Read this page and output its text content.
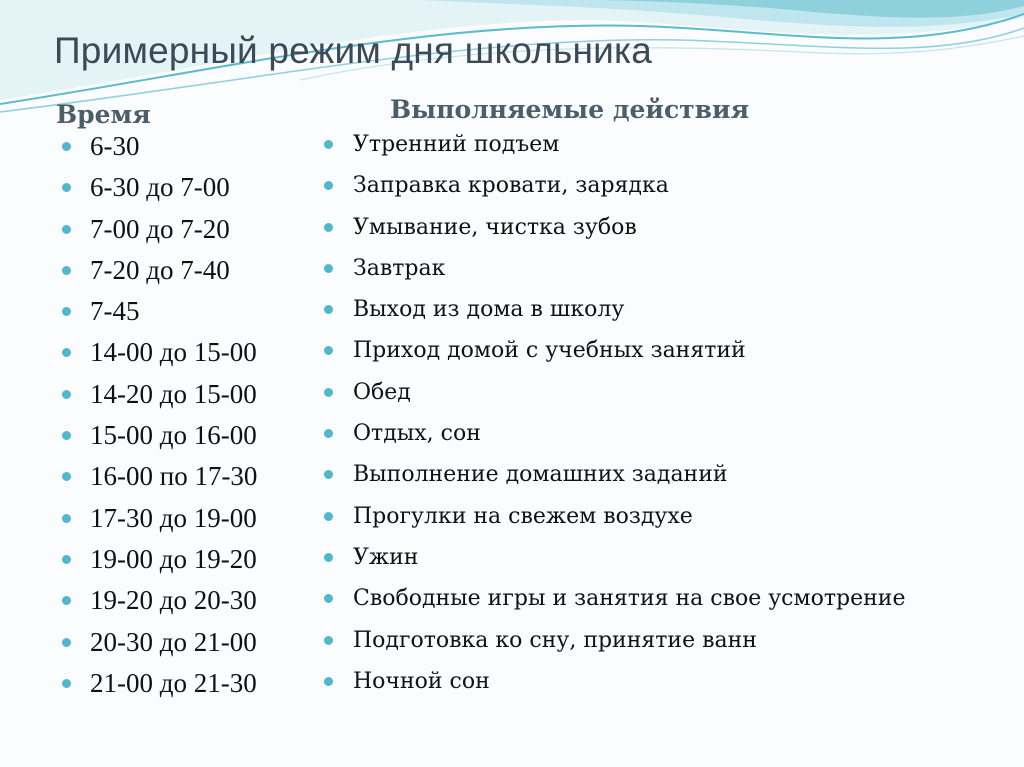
Примерный режим дня школьника
Время	Выполняемые действия
6-30
6-30 до 7-00
7-00 до 7-20
7-20 до 7-40
7-45
14-00 до 15-00
14-20 до 15-00
15-00 до 16-00
16-00 по 17-30
17-30 до 19-00
19-00 до 19-20
19-20 до 20-30
20-30 до 21-00
21-00 до 21-30
Утренний подъем
Заправка кровати, зарядка
Умывание, чистка зубов
Завтрак
Выход из дома в школу
Приход домой с учебных занятий
Обед
Отдых, сон
Выполнение домашних заданий
Прогулки на свежем воздухе
Ужин
Свободные игры и занятия на свое усмотрение
Подготовка ко сну, принятие ванн
Ночной сон
